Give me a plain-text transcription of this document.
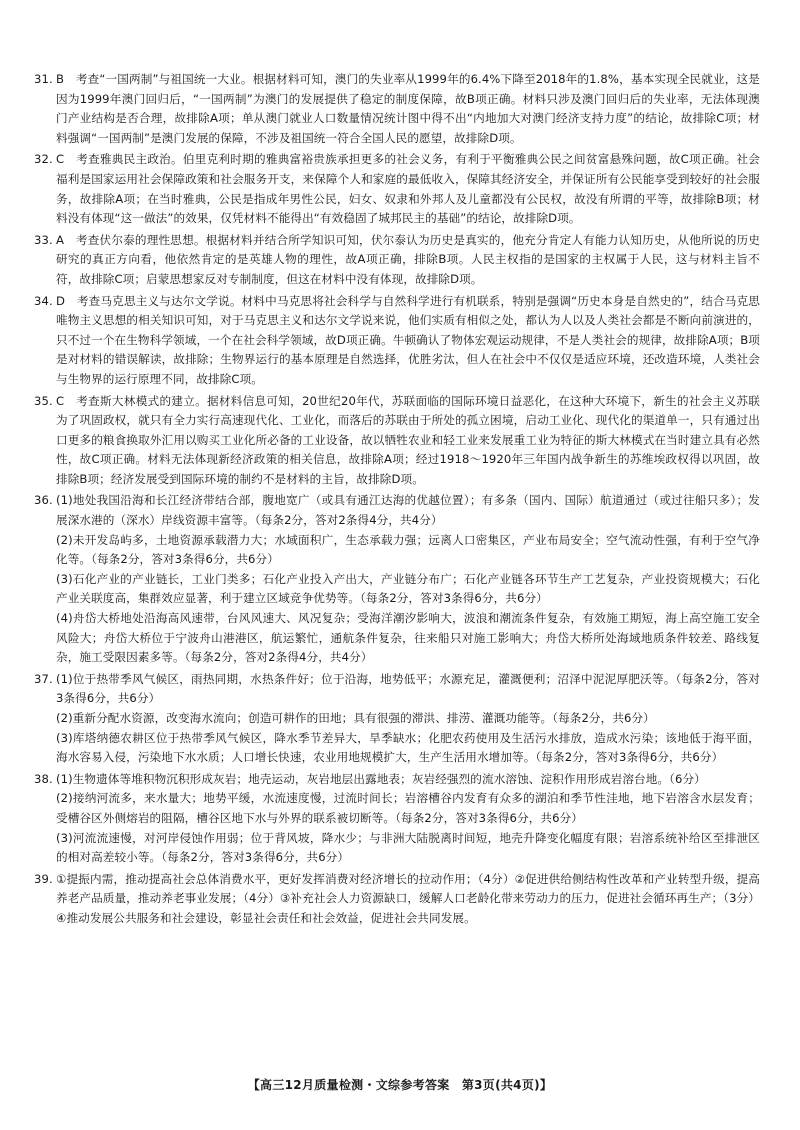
31. B　考查“一国两制”与祖国统一大业。根据材料可知，澳门的失业率从1999年的6.4%下降至2018年的1.8%，基本实现全民就业，这是因为1999年澳门回归后，“一国两制”为澳门的发展提供了稳定的制度保障，故B项正确。材料只涉及澳门回归后的失业率，无法体现澳门产业结构是否合理，故排除A项；单从澳门就业人口数量情况统计图中得不出“内地加大对澳门经济支持力度”的结论，故排除C项；材料强调“一国两制”是澳门发展的保障，不涉及祖国统一符合全国人民的愿望，故排除D项。
32. C　考查雅典民主政治。伯里克利时期的雅典富裕贵族承担更多的社会义务，有利于平衡雅典公民之间贫富悬殊问题，故C项正确。社会福利是国家运用社会保障政策和社会服务开支，来保障个人和家庭的最低收入，保障其经济安全，并保证所有公民能享受到较好的社会服务，故排除A项；在当时雅典，公民是指成年男性公民，妇女、奴隶和外邦人及儿童都没有公民权，故没有所谓的平等，故排除B项；材料没有体现“这一做法”的效果，仅凭材料不能得出“有效稳固了城邦民主的基础”的结论，故排除D项。
33. A　考查伏尔泰的理性思想。根据材料并结合所学知识可知，伏尔泰认为历史是真实的，他充分肯定人有能力认知历史，从他所说的历史研究的真正方向看，他依然肯定的是英雄人物的理性，故A项正确，排除B项。人民主权指的是国家的主权属于人民，这与材料主旨不符，故排除C项；启蒙思想家反对专制制度，但这在材料中没有体现，故排除D项。
34. D　考查马克思主义与达尔文学说。材料中马克思将社会科学与自然科学进行有机联系，特别是强调“历史本身是自然史的”，结合马克思唯物主义思想的相关知识可知，对于马克思主义和达尔文学说来说，他们实质有相似之处，都认为人以及人类社会都是不断向前演进的，只不过一个在生物科学领域，一个在社会科学领域，故D项正确。牛顿确认了物体宏观运动规律，不是人类社会的规律，故排除A项；B项是对材料的错误解读，故排除；生物界运行的基本原理是自然选择，优胜劣汰，但人在社会中不仅仅是适应环境，还改造环境，人类社会与生物界的运行原理不同，故排除C项。
35. C　考查斯大林模式的建立。据材料信息可知，20世纪20年代，苏联面临的国际环境日益恶化，在这种大环境下，新生的社会主义苏联为了巩固政权，就只有全力实行高速现代化、工业化，而落后的苏联由于所处的孤立困境，启动工业化、现代化的渠道单一，只有通过出口更多的粮食换取外汇用以购买工业化所必备的工业设备，故以牺牲农业和轻工业来发展重工业为特征的斯大林模式在当时建立具有必然性，故C项正确。材料无法体现新经济政策的相关信息，故排除A项；经过1918～1920年三年国内战争新生的苏维埃政权得以巩固，故排除B项；经济发展受到国际环境的制约不是材料的主旨，故排除D项。
36. (1)地处我国沿海和长江经济带结合部，腹地宽广（或具有通江达海的优越位置）；有多条（国内、国际）航道通过（或过往船只多）；发展深水港的（深水）岸线资源丰富等。（每条2分，答对2条得4分，共4分）
(2)未开发岛屿多，土地资源承载潜力大；水域面积广，生态承载力强；远离人口密集区，产业布局安全；空气流动性强，有利于空气净化等。（每条2分，答对3条得6分，共6分）
(3)石化产业的产业链长，工业门类多；石化产业投入产出大，产业链分布广；石化产业链各环节生产工艺复杂，产业投资规模大；石化产业关联度高，集群效应显著，利于建立区域竞争优势等。（每条2分，答对3条得6分，共6分）
(4)舟岱大桥地处沿海高风速带，台风风速大、风况复杂；受海洋潮汐影响大，波浪和潮流条件复杂，有效施工期短，海上高空施工安全风险大；舟岱大桥位于宁波舟山港港区，航运繁忙，通航条件复杂，往来船只对施工影响大；舟岱大桥所处海域地质条件较差、路线复杂，施工受限因素多等。（每条2分，答对2条得4分，共4分）
37. (1)位于热带季风气候区，雨热同期，水热条件好；位于沿海，地势低平；水源充足，灌溉便利；沼泽中泥泥厚肥沃等。（每条2分，答对3条得6分，共6分）
(2)重新分配水资源，改变海水流向；创造可耕作的田地；具有很强的滞洪、排涝、灌溉功能等。（每条2分，共6分）
(3)库塔纳德农耕区位于热带季风气候区，降水季节差异大，旱季缺水；化肥农药使用及生活污水排放，造成水污染；该地低于海平面，海水容易入侵，污染地下水水质；人口增长快速，农业用地规模扩大，生产生活用水增加等。（每条2分，答对3条得6分，共6分）
38. (1)生物遗体等堆积物沉积形成灰岩；地壳运动，灰岩地层出露地表；灰岩经强烈的流水溶蚀、淀积作用形成岩溶台地。（6分）
(2)接纳河流多，来水量大；地势平缓，水流速度慢，过流时间长；岩溶槽谷内发育有众多的湖泊和季节性洼地，地下岩溶含水层发育；受槽谷区外侧熔岩的阻隔，槽谷区地下水与外界的联系被切断等。（每条2分，答对3条得6分，共6分）
(3)河流流速慢，对河岸侵蚀作用弱；位于背风坡，降水少；与非洲大陆脱离时间短，地壳升降变化幅度有限；岩溶系统补给区至排泄区的相对高差较小等。（每条2分，答对3条得6分，共6分）
39. ①提振内需，推动提高社会总体消费水平，更好发挥消费对经济增长的拉动作用；（4分）②促进供给侧结构性改革和产业转型升级，提高养老产品质量，推动养老事业发展；（4分）③补充社会人力资源缺口，缓解人口老龄化带来劳动力的压力，促进社会循环再生产；（3分）④推动发展公共服务和社会建设，彰显社会责任和社会效益，促进社会共同发展。
【高三12月质量检测・文综参考答案　第3页(共4页)】
